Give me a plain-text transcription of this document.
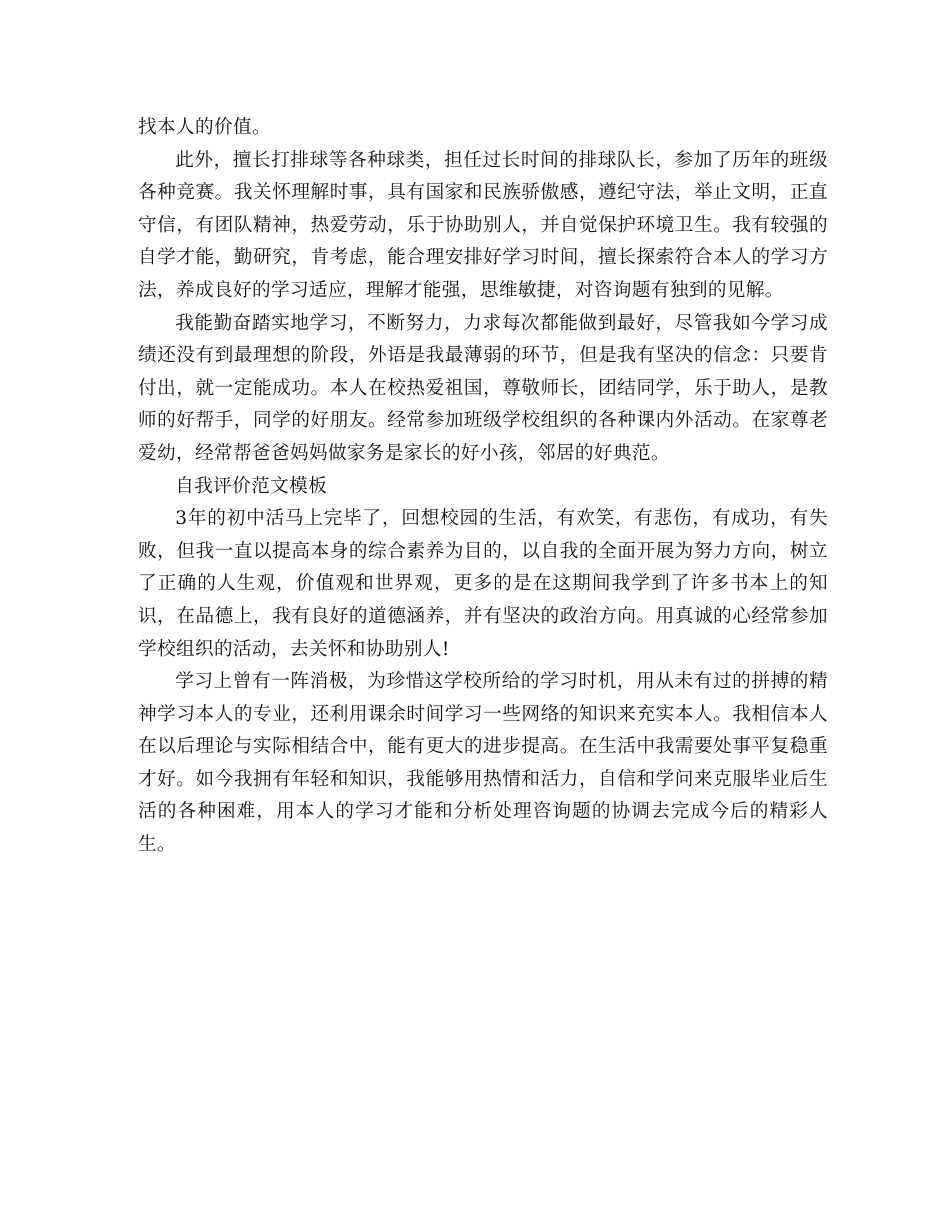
找本人的价值。

此外，擅长打排球等各种球类，担任过长时间的排球队长，参加了历年的班级各种竞赛。我关怀理解时事，具有国家和民族骄傲感，遵纪守法，举止文明，正直守信，有团队精神，热爱劳动，乐于协助别人，并自觉保护环境卫生。我有较强的自学才能，勤研究，肯考虑，能合理安排好学习时间，擅长探索符合本人的学习方法，养成良好的学习适应，理解才能强，思维敏捷，对咨询题有独到的见解。

我能勤奋踏实地学习，不断努力，力求每次都能做到最好，尽管我如今学习成绩还没有到最理想的阶段，外语是我最薄弱的环节，但是我有坚决的信念：只要肯付出，就一定能成功。本人在校热爱祖国，尊敬师长，团结同学，乐于助人，是教师的好帮手，同学的好朋友。经常参加班级学校组织的各种课内外活动。在家尊老爱幼，经常帮爸爸妈妈做家务是家长的好小孩，邻居的好典范。

自我评价范文模板

3年的初中活马上完毕了，回想校园的生活，有欢笑，有悲伤，有成功，有失败，但我一直以提高本身的综合素养为目的，以自我的全面开展为努力方向，树立了正确的人生观，价值观和世界观，更多的是在这期间我学到了许多书本上的知识，在品德上，我有良好的道德涵养，并有坚决的政治方向。用真诚的心经常参加学校组织的活动，去关怀和协助别人!

学习上曾有一阵消极，为珍惜这学校所给的学习时机，用从未有过的拼搏的精神学习本人的专业，还利用课余时间学习一些网络的知识来充实本人。我相信本人在以后理论与实际相结合中，能有更大的进步提高。在生活中我需要处事平复稳重才好。如今我拥有年轻和知识，我能够用热情和活力，自信和学问来克服毕业后生活的各种困难，用本人的学习才能和分析处理咨询题的协调去完成今后的精彩人生。
